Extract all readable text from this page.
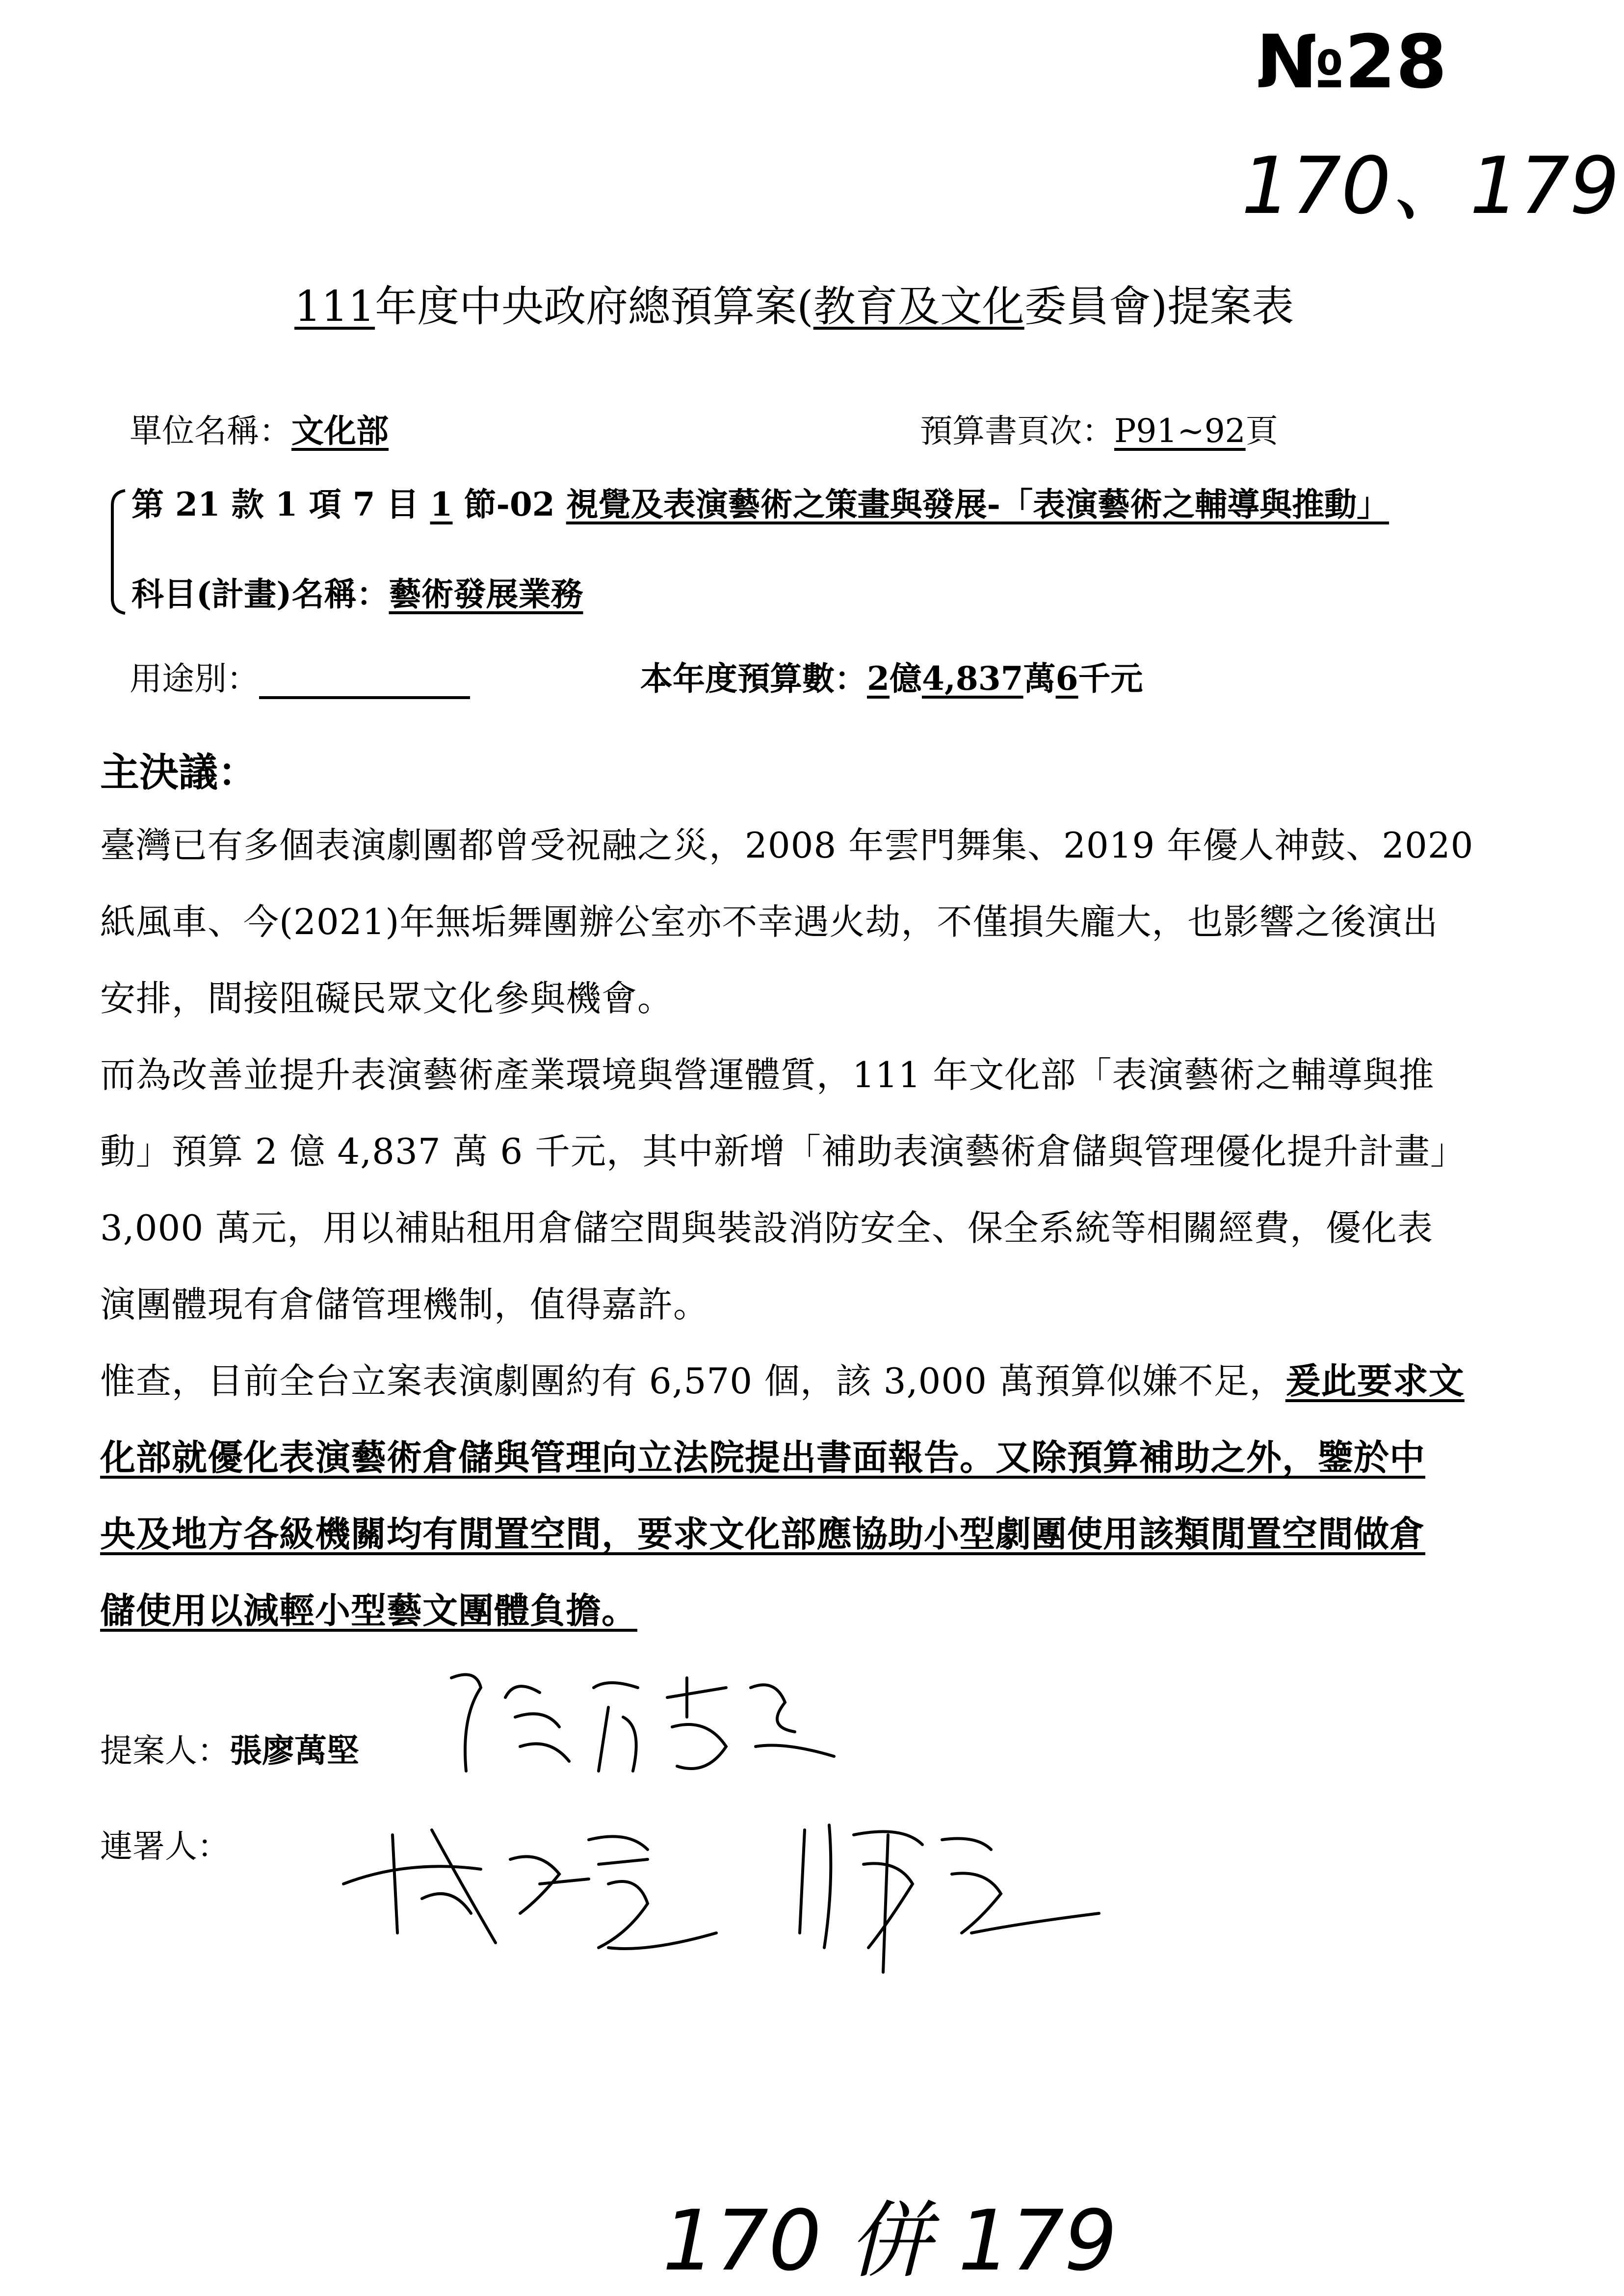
№28
170、179
111年度中央政府總預算案(教育及文化委員會)提案表
單位名稱：文化部	預算書頁次：P91~92頁
第 21 款 1 項 7 目 1 節-02 視覺及表演藝術之策畫與發展-「表演藝術之輔導與推動」
科目(計畫)名稱：藝術發展業務
用途別：	本年度預算數：2億4,837萬6千元
主決議：
臺灣已有多個表演劇團都曾受祝融之災，2008 年雲門舞集、2019 年優人神鼓、2020
紙風車、今(2021)年無垢舞團辦公室亦不幸遇火劫，不僅損失龐大，也影響之後演出
安排，間接阻礙民眾文化參與機會。
而為改善並提升表演藝術產業環境與營運體質，111 年文化部「表演藝術之輔導與推
動」預算 2 億 4,837 萬 6 千元，其中新增「補助表演藝術倉儲與管理優化提升計畫」
3,000 萬元，用以補貼租用倉儲空間與裝設消防安全、保全系統等相關經費，優化表
演團體現有倉儲管理機制，值得嘉許。
惟查，目前全台立案表演劇團約有 6,570 個，該 3,000 萬預算似嫌不足，爰此要求文
化部就優化表演藝術倉儲與管理向立法院提出書面報告。又除預算補助之外，鑒於中
央及地方各級機關均有閒置空間，要求文化部應協助小型劇團使用該類閒置空間做倉
儲使用以減輕小型藝文團體負擔。
提案人：張廖萬堅
連署人：
170 併 179
